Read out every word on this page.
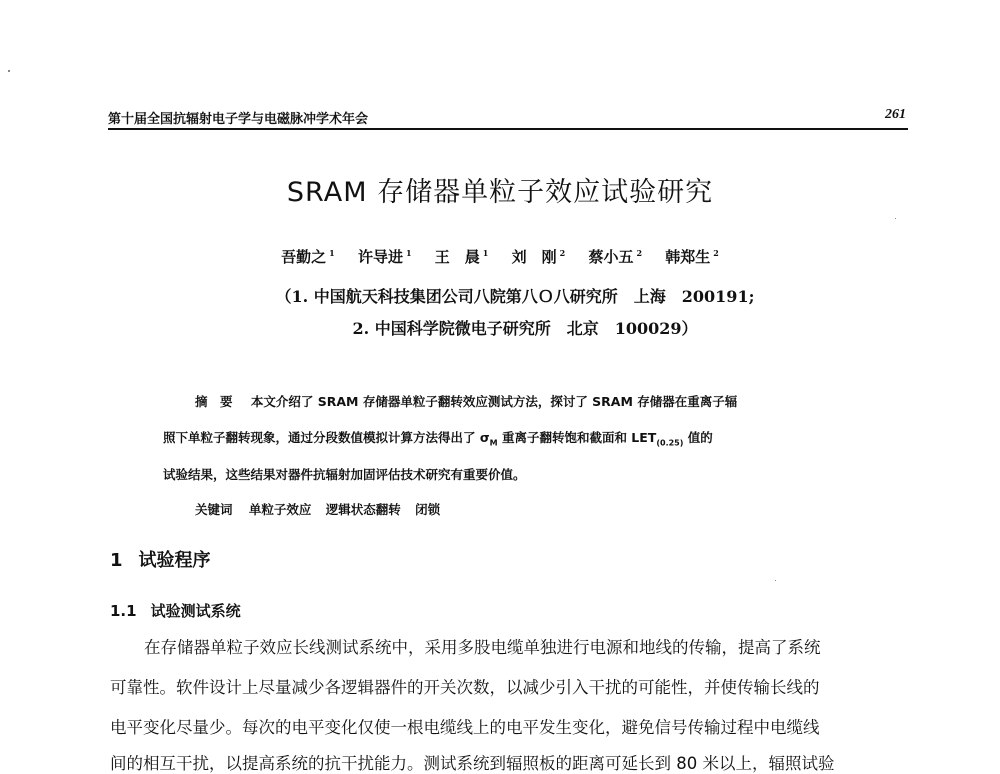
第十届全国抗辐射电子学与电磁脉冲学术年会	261
SRAM 存储器单粒子效应试验研究
吾勤之 $^1$ 许导进 $^1$ 王　晨 $^1$ 刘　刚 $^2$ 蔡小五 $^2$ 韩郑生 $^2$
（1. 中国航天科技集团公司八院第八Ｏ八研究所　上海　200191;
2. 中国科学院微电子研究所　北京　100029）
摘　要 本文介绍了 SRAM 存储器单粒子翻转效应测试方法，探讨了 SRAM 存储器在重离子辐
照下单粒子翻转现象，通过分段数值模拟计算方法得出了 $\sigma_M$ 重离子翻转饱和截面和 $LET_{(0.25)}$ 值的
试验结果，这些结果对器件抗辐射加固评估技术研究有重要价值。
关键词 单粒子效应 逻辑状态翻转 闭锁
1 试验程序
1.1 试验测试系统
在存储器单粒子效应长线测试系统中，采用多股电缆单独进行电源和地线的传输，提高了系统
可靠性。软件设计上尽量减少各逻辑器件的开关次数，以减少引入干扰的可能性，并使传输长线的
电平变化尽量少。每次的电平变化仅使一根电缆线上的电平发生变化，避免信号传输过程中电缆线
间的相互干扰，以提高系统的抗干扰能力。测试系统到辐照板的距离可延长到 80 米以上，辐照试验
